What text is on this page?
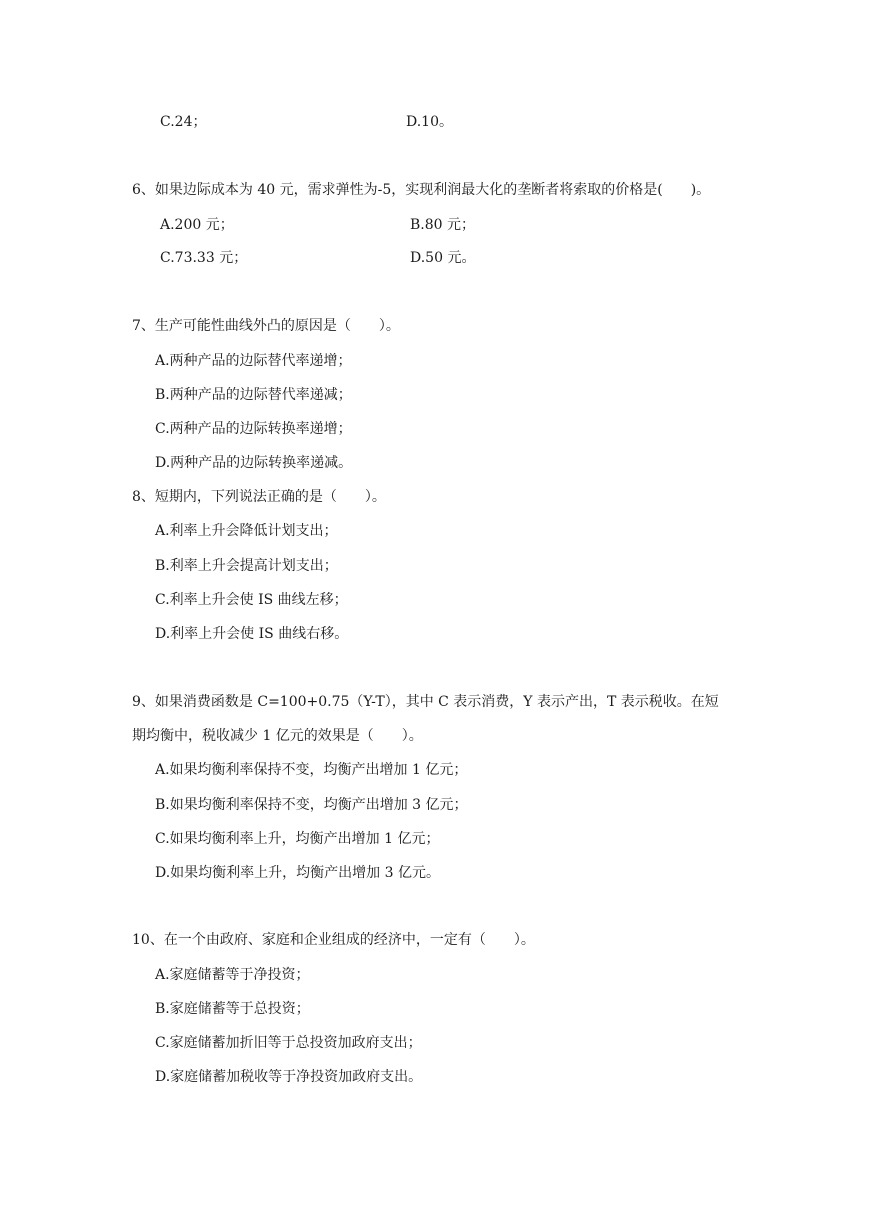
C.24；	D.10。
6、如果边际成本为 40 元，需求弹性为-5，实现利润最大化的垄断者将索取的价格是(　　)。
A.200 元；	B.80 元；
C.73.33 元；	D.50 元。
7、生产可能性曲线外凸的原因是（　　）。
A.两种产品的边际替代率递增；
B.两种产品的边际替代率递减；
C.两种产品的边际转换率递增；
D.两种产品的边际转换率递减。
8、短期内，下列说法正确的是（　　）。
A.利率上升会降低计划支出；
B.利率上升会提高计划支出；
C.利率上升会使 IS 曲线左移；
D.利率上升会使 IS 曲线右移。
9、如果消费函数是 C=100+0.75（Y-T），其中 C 表示消费，Y 表示产出，T 表示税收。在短
期均衡中，税收减少 1 亿元的效果是（　　）。
A.如果均衡利率保持不变，均衡产出增加 1 亿元；
B.如果均衡利率保持不变，均衡产出增加 3 亿元；
C.如果均衡利率上升，均衡产出增加 1 亿元；
D.如果均衡利率上升，均衡产出增加 3 亿元。
10、在一个由政府、家庭和企业组成的经济中，一定有（　　）。
A.家庭储蓄等于净投资；
B.家庭储蓄等于总投资；
C.家庭储蓄加折旧等于总投资加政府支出；
D.家庭储蓄加税收等于净投资加政府支出。
